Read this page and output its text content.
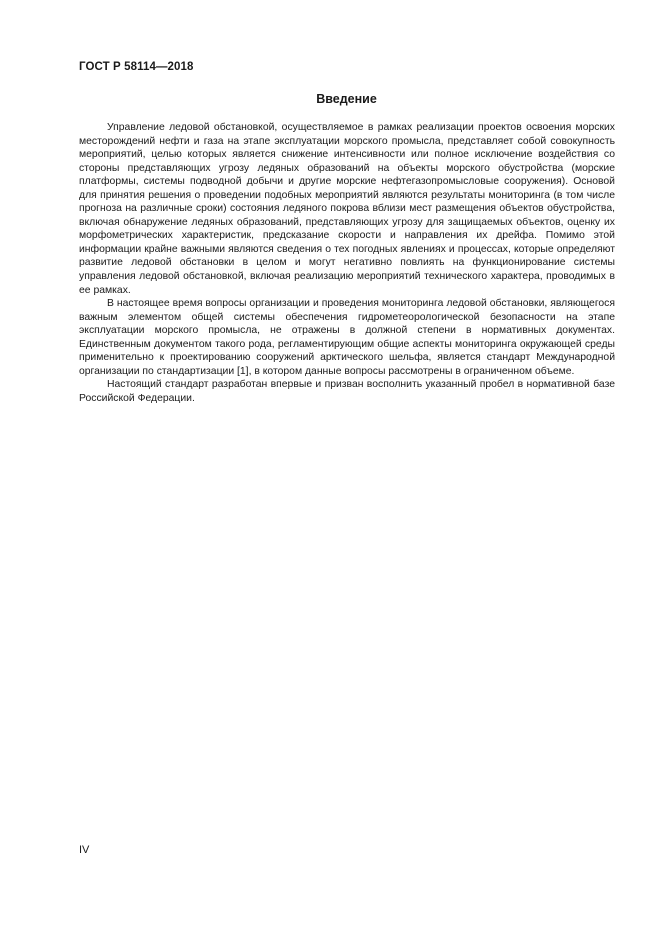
ГОСТ Р 58114—2018
Введение

Управление ледовой обстановкой, осуществляемое в рамках реализации проектов освоения морских месторождений нефти и газа на этапе эксплуатации морского промысла, представляет собой совокупность мероприятий, целью которых является снижение интенсивности или полное исключение воздействия со стороны представляющих угрозу ледяных образований на объекты морского обустройства (морские платформы, системы подводной добычи и другие морские нефтегазопромысловые сооружения). Основой для принятия решения о проведении подобных мероприятий являются результаты мониторинга (в том числе прогноза на различные сроки) состояния ледяного покрова вблизи мест размещения объектов обустройства, включая обнаружение ледяных образований, представляющих угрозу для защищаемых объектов, оценку их морфометрических характеристик, предсказание скорости и направления их дрейфа. Помимо этой информации крайне важными являются сведения о тех погодных явлениях и процессах, которые определяют развитие ледовой обстановки в целом и могут негативно повлиять на функционирование системы управления ледовой обстановкой, включая реализацию мероприятий технического характера, проводимых в ее рамках.

В настоящее время вопросы организации и проведения мониторинга ледовой обстановки, являющегося важным элементом общей системы обеспечения гидрометеорологической безопасности на этапе эксплуатации морского промысла, не отражены в должной степени в нормативных документах. Единственным документом такого рода, регламентирующим общие аспекты мониторинга окружающей среды применительно к проектированию сооружений арктического шельфа, является стандарт Международной организации по стандартизации [1], в котором данные вопросы рассмотрены в ограниченном объеме.

Настоящий стандарт разработан впервые и призван восполнить указанный пробел в нормативной базе Российской Федерации.

IV
